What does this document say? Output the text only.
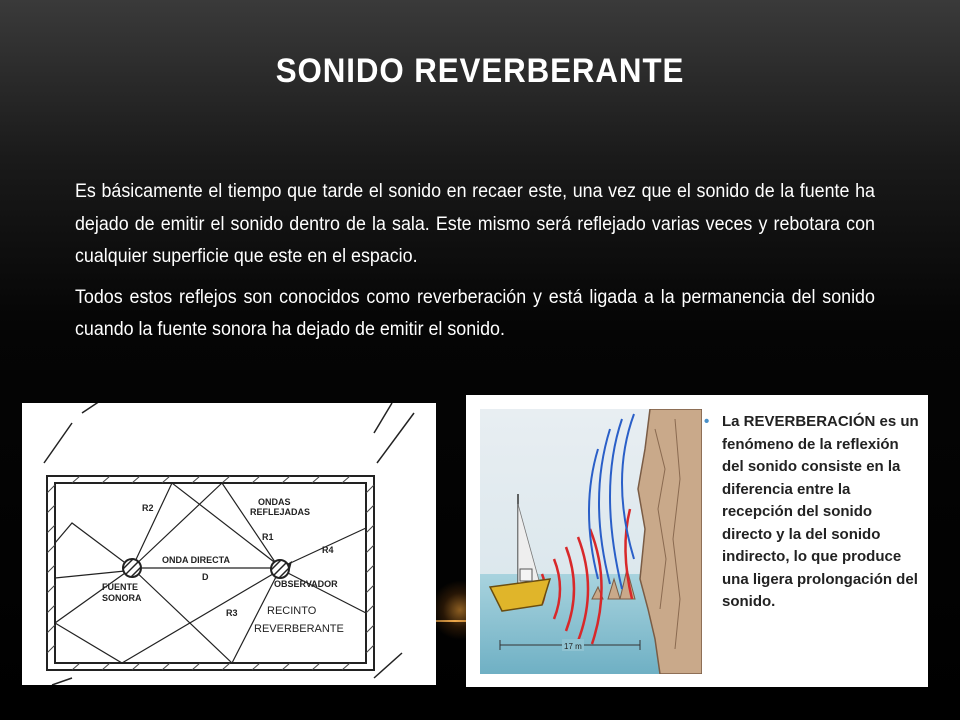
SONIDO REVERBERANTE

Es básicamente el tiempo que tarde el sonido en recaer este, una vez que el sonido de la fuente ha dejado de emitir el sonido dentro de la sala. Este mismo será reflejado varias veces y rebotara con cualquier superficie que este en el espacio.

Todos estos reflejos son conocidos como reverberación y está ligada a la permanencia del sonido cuando la fuente sonora ha dejado de emitir el sonido.

R2
ONDAS
REFLEJADAS
R1
R4
ONDA DIRECTA
D
FUENTE
SONORA
OBSERVADOR
R3	RECINTO
REVERBERANTE
17 m
• La REVERBERACIÓN es un fenómeno de la reflexión del sonido consiste en la diferencia entre la recepción del sonido directo y la del sonido indirecto, lo que produce una ligera prolongación del sonido.
